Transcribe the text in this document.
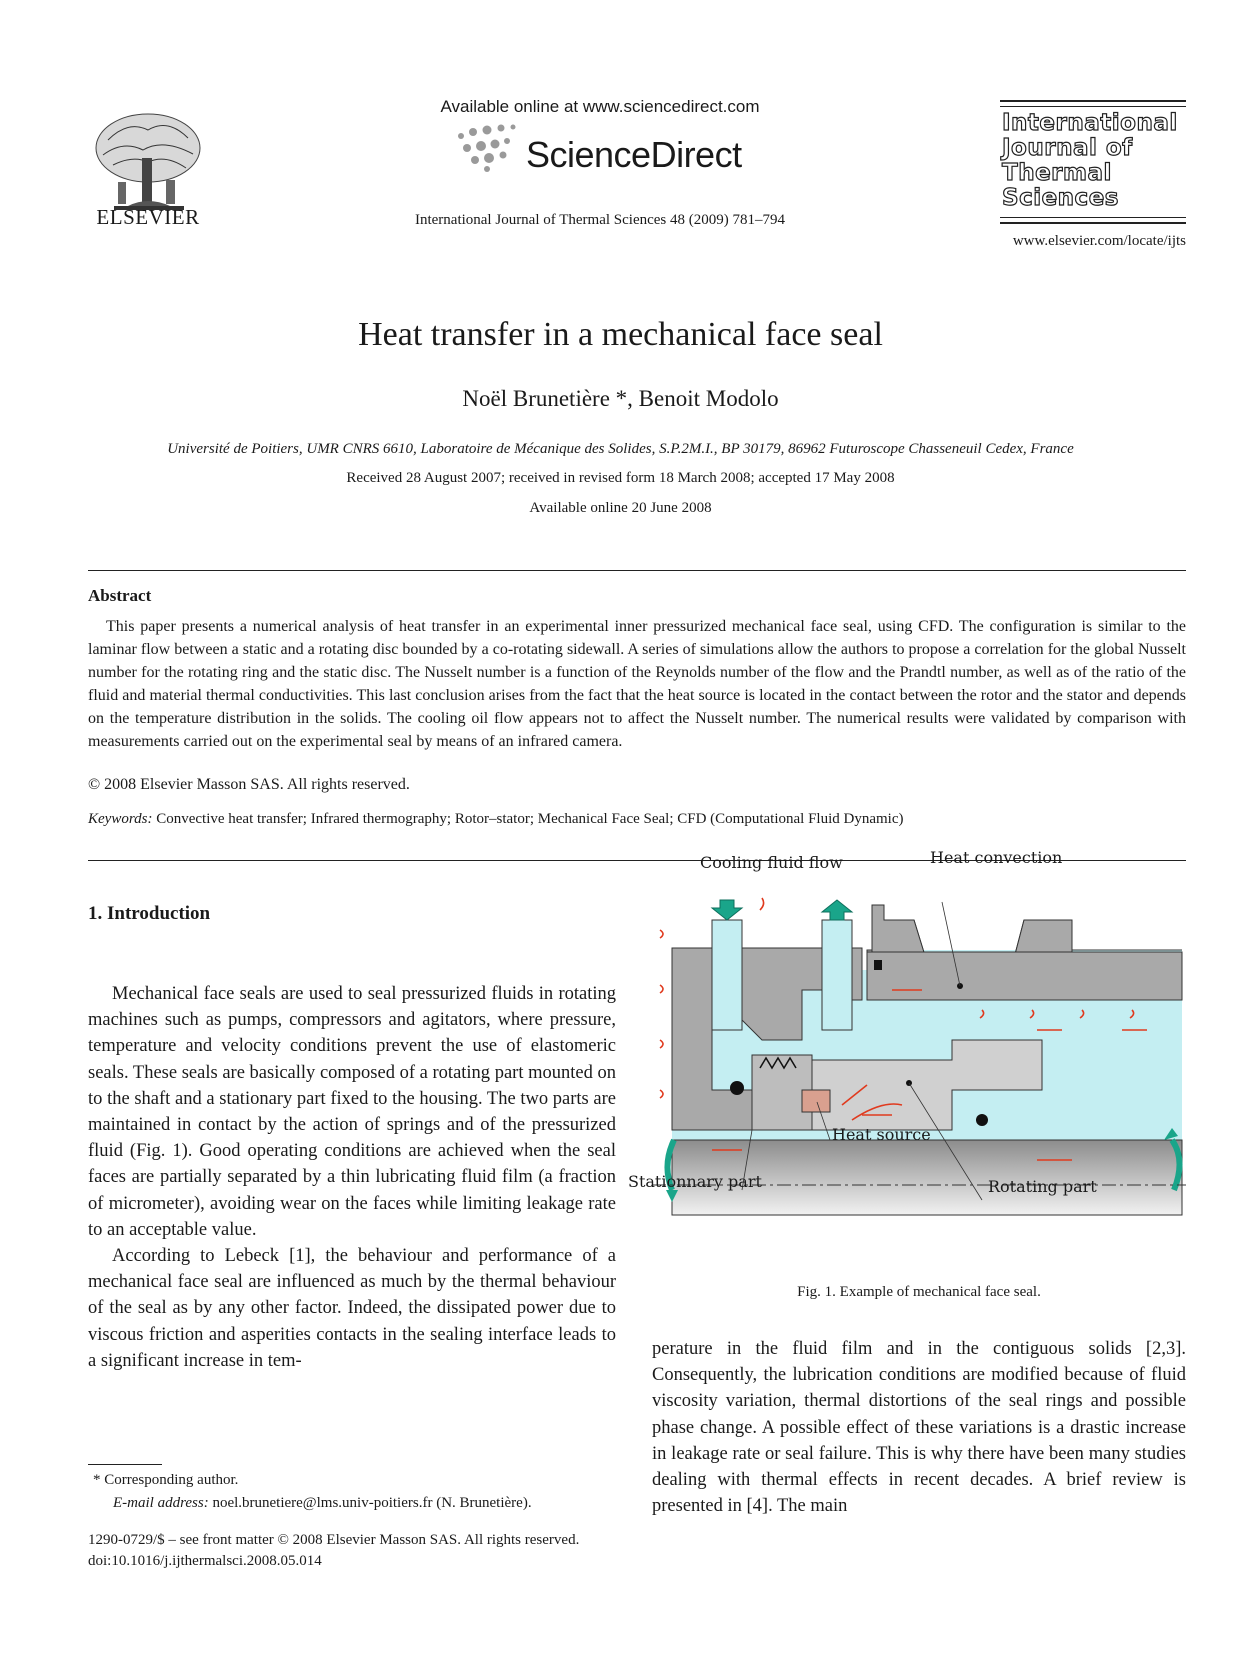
ELSEVIER
Available online at www.sciencedirect.com
ScienceDirect
International Journal of Thermal Sciences 48 (2009) 781–794
International
Journal of
Thermal
Sciences
www.elsevier.com/locate/ijts
Heat transfer in a mechanical face seal
Noël Brunetière *, Benoit Modolo
Université de Poitiers, UMR CNRS 6610, Laboratoire de Mécanique des Solides, S.P.2M.I., BP 30179, 86962 Futuroscope Chasseneuil Cedex, France
Received 28 August 2007; received in revised form 18 March 2008; accepted 17 May 2008
Available online 20 June 2008
Abstract
This paper presents a numerical analysis of heat transfer in an experimental inner pressurized mechanical face seal, using CFD. The configuration is similar to the laminar flow between a static and a rotating disc bounded by a co-rotating sidewall. A series of simulations allow the authors to propose a correlation for the global Nusselt number for the rotating ring and the static disc. The Nusselt number is a function of the Reynolds number of the flow and the Prandtl number, as well as of the ratio of the fluid and material thermal conductivities. This last conclusion arises from the fact that the heat source is located in the contact between the rotor and the stator and depends on the temperature distribution in the solids. The cooling oil flow appears not to affect the Nusselt number. The numerical results were validated by comparison with measurements carried out on the experimental seal by means of an infrared camera.
© 2008 Elsevier Masson SAS. All rights reserved.
Keywords: Convective heat transfer; Infrared thermography; Rotor–stator; Mechanical Face Seal; CFD (Computational Fluid Dynamic)
1. Introduction

Mechanical face seals are used to seal pressurized fluids in rotating machines such as pumps, compressors and agitators, where pressure, temperature and velocity conditions prevent the use of elastomeric seals. These seals are basically composed of a rotating part mounted on to the shaft and a stationary part fixed to the housing. The two parts are maintained in contact by the action of springs and of the pressurized fluid (Fig. 1). Good operating conditions are achieved when the seal faces are partially separated by a thin lubricating fluid film (a fraction of micrometer), avoiding wear on the faces while limiting leakage rate to an acceptable value.

According to Lebeck [1], the behaviour and performance of a mechanical face seal are influenced as much by the thermal behaviour of the seal as by any other factor. Indeed, the dissipated power due to viscous friction and asperities contacts in the sealing interface leads to a significant increase in tem-

perature in the fluid film and in the contiguous solids [2,3]. Consequently, the lubrication conditions are modified because of fluid viscosity variation, thermal distortions of the seal rings and possible phase change. A possible effect of these variations is a drastic increase in leakage rate or seal failure. This is why there have been many studies dealing with thermal effects in recent decades. A brief review is presented in [4]. The main

Cooling fluid flow	Heat convection
Heat source
Stationnary part	Rotating part
Fig. 1. Example of mechanical face seal.
* Corresponding author.
E-mail address: noel.brunetiere@lms.univ-poitiers.fr (N. Brunetière).
1290-0729/$ – see front matter © 2008 Elsevier Masson SAS. All rights reserved.
doi:10.1016/j.ijthermalsci.2008.05.014
